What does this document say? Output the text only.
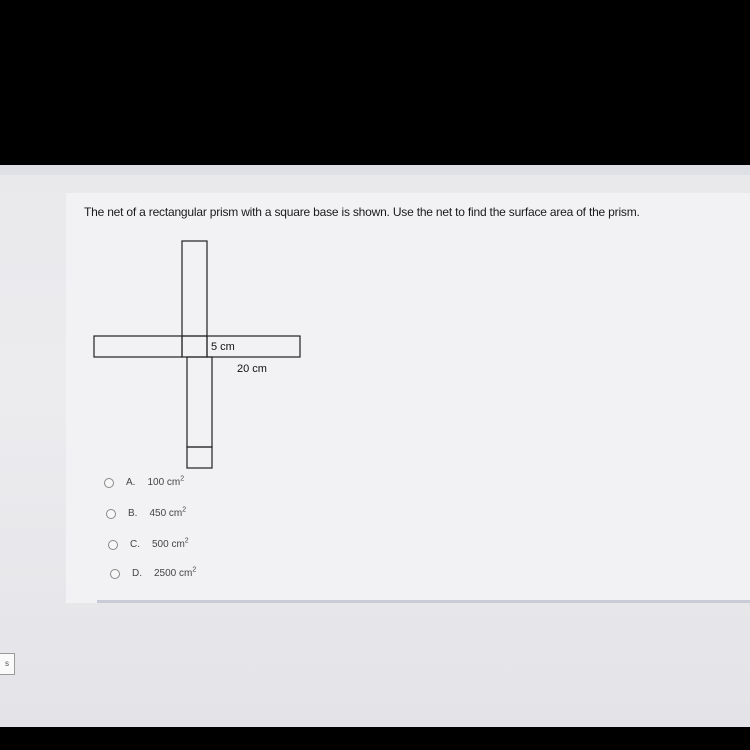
The net of a rectangular prism with a square base is shown. Use the net to find the surface area of the prism.
5 cm
20 cm
A. 100 $cm^2$
B. 450 $cm^2$
C. 500 $cm^2$
D. 2500 $cm^2$
s
